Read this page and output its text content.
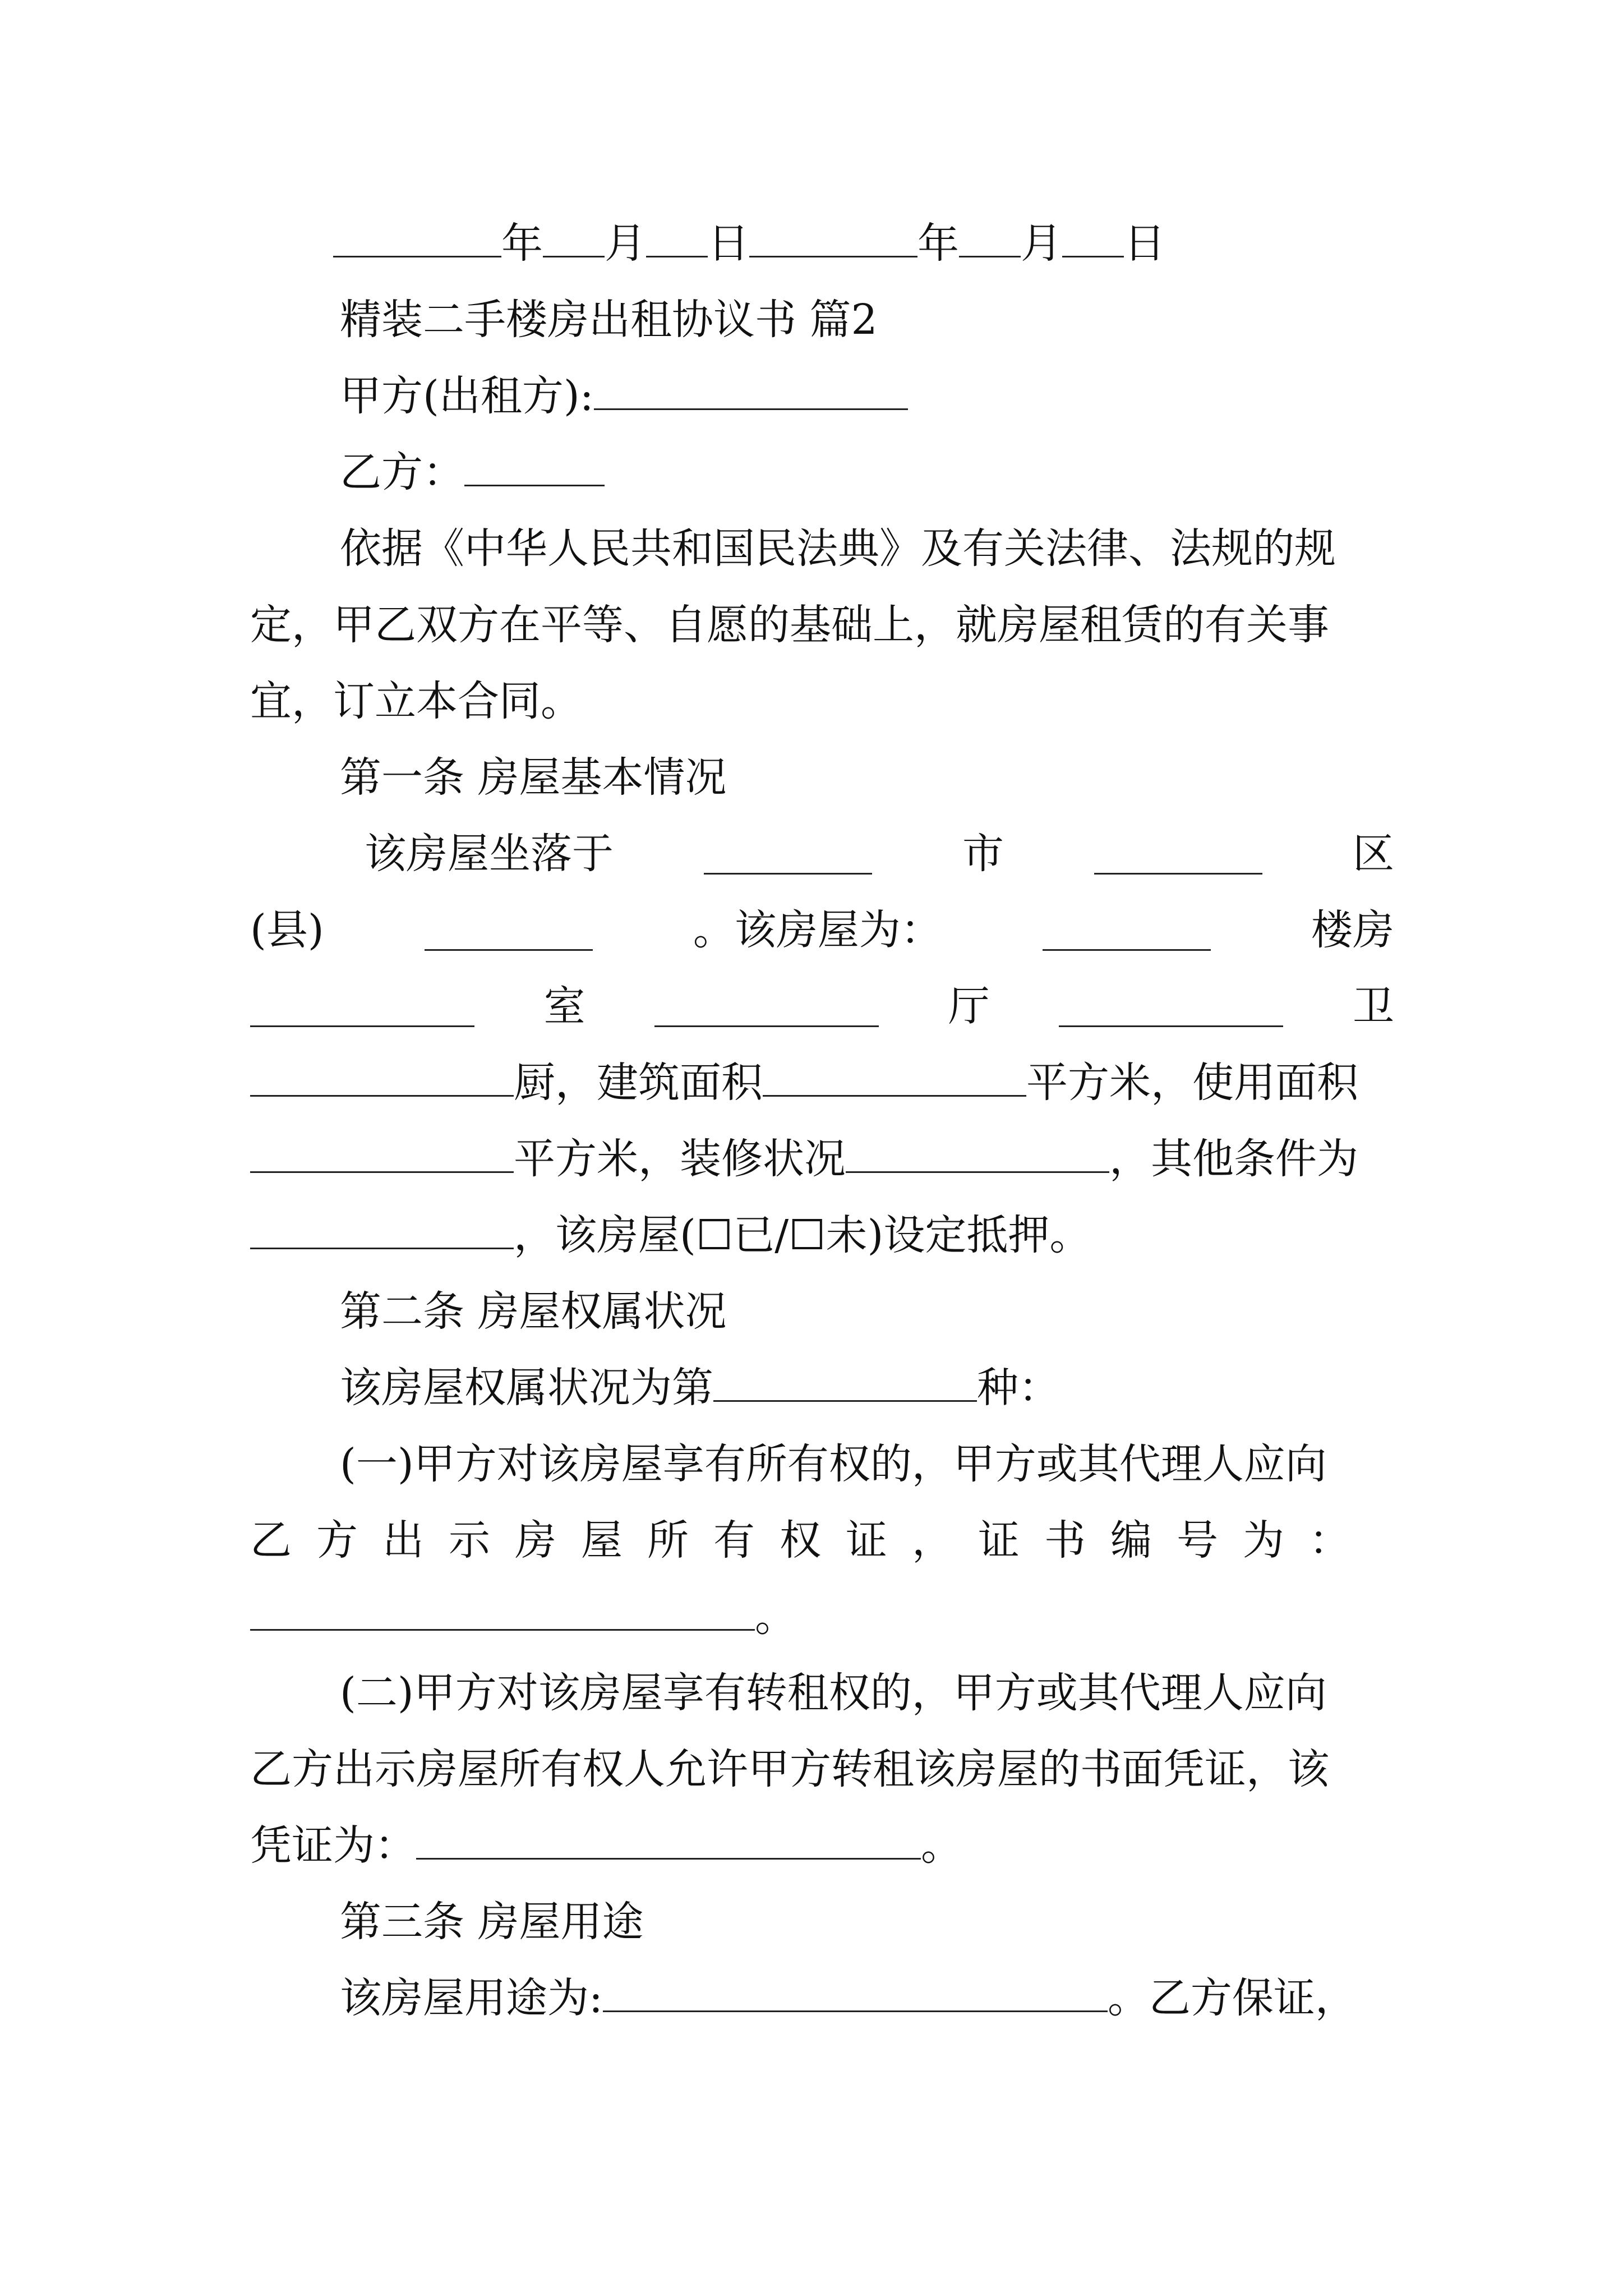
年 月 日	年 月 日
精装二手楼房出租协议书 篇2
甲方(出租方):
乙方：
依据《中华人民共和国民法典》及有关法律、法规的规
定，甲乙双方在平等、自愿的基础上，就房屋租赁的有关事
宜，订立本合同。
第一条 房屋基本情况
该房屋坐落于	市	区
(县)	。该房屋为：	楼房
室	厅	卫
厨，建筑面积	平方米，使用面积
平方米，装修状况	，其他条件为
，该房屋(☐已/☐未)设定抵押。
第二条 房屋权属状况
该房屋权属状况为第	种：
(一)甲方对该房屋享有所有权的，甲方或其代理人应向
乙方出示房屋所有权证，证书编号为：
。
(二)甲方对该房屋享有转租权的，甲方或其代理人应向
乙方出示房屋所有权人允许甲方转租该房屋的书面凭证，该
凭证为：	。
第三条 房屋用途
该房屋用途为:	。乙方保证，
